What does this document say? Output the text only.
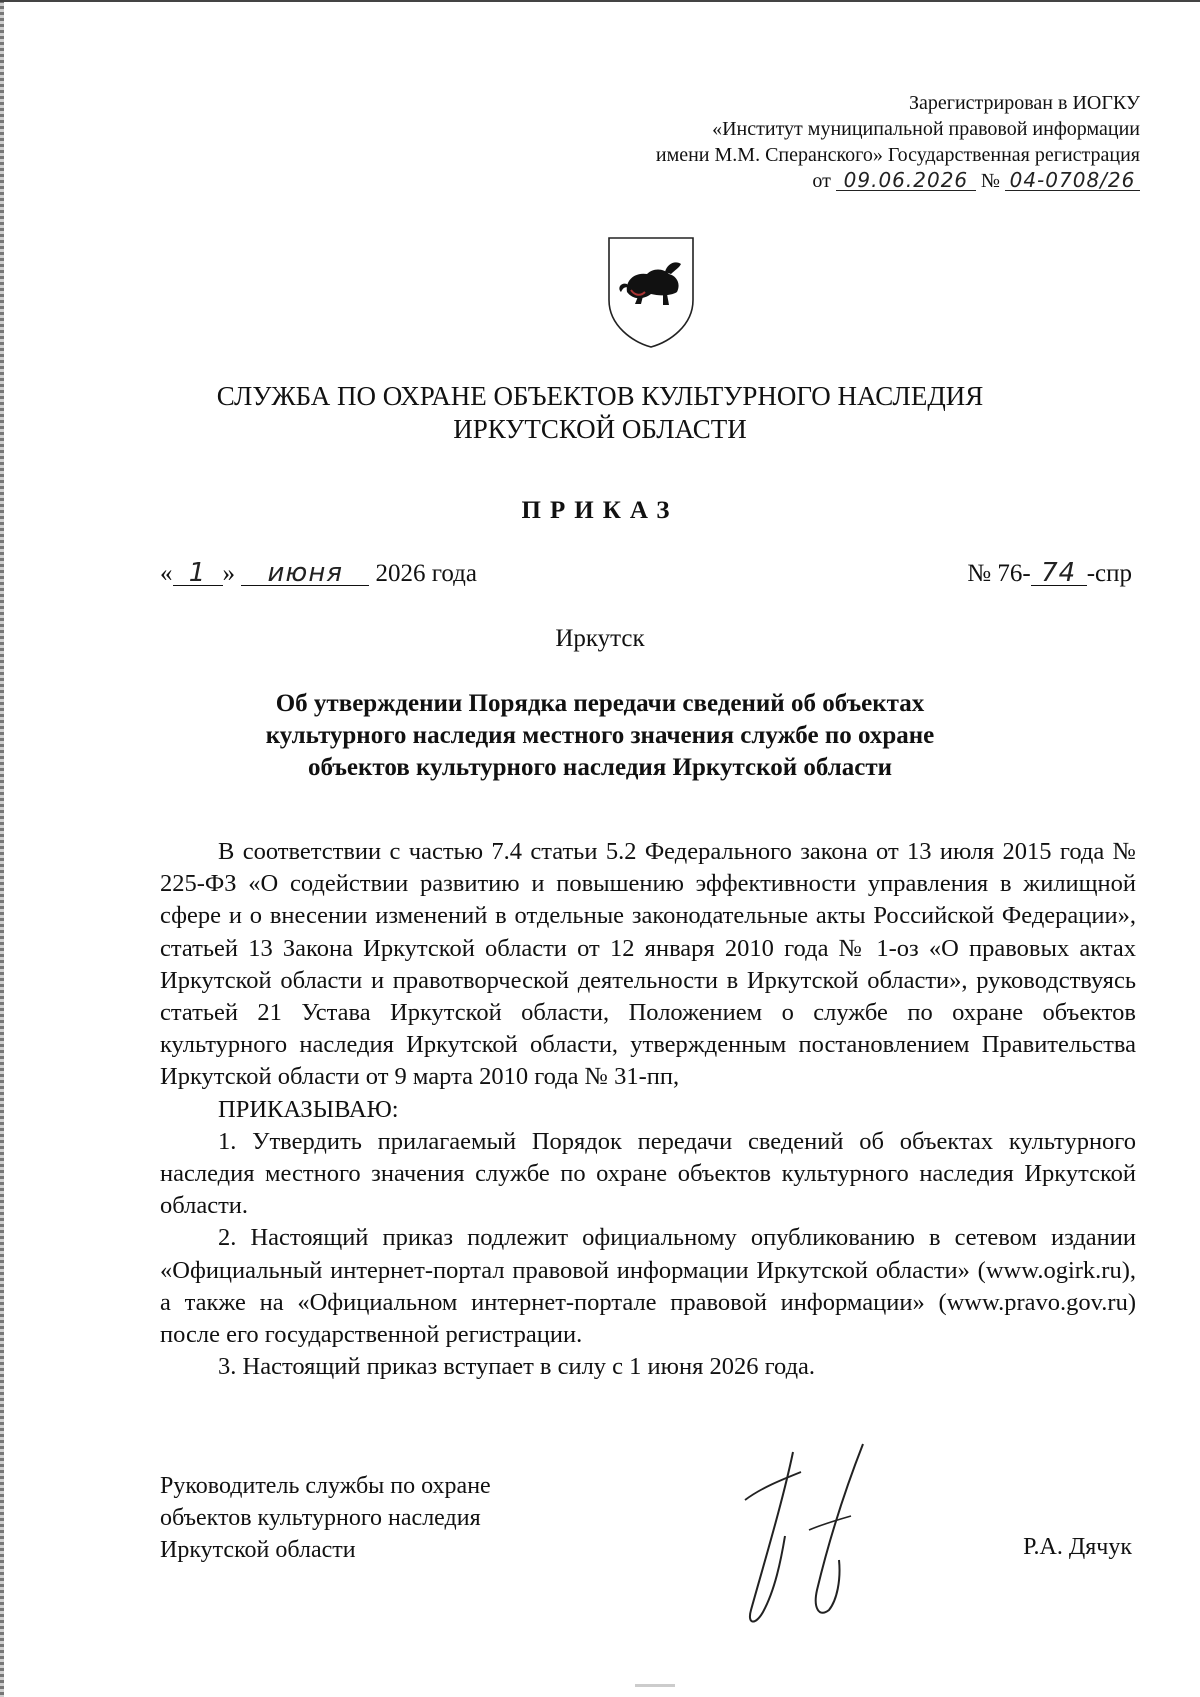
Зарегистрирован в ИОГКУ
«Институт муниципальной правовой информации
имени М.М. Сперанского» Государственная регистрация
от 09.06.2026 № 04-0708/26
СЛУЖБА ПО ОХРАНЕ ОБЪЕКТОВ КУЛЬТУРНОГО НАСЛЕДИЯ
ИРКУТСКОЙ ОБЛАСТИ
ПРИКАЗ
« 1 » июня 2026 года	№ 76- 74 -спр
Иркутск
Об утверждении Порядка передачи сведений об объектах
культурного наследия местного значения службе по охране
объектов культурного наследия Иркутской области

В соответствии с частью 7.4 статьи 5.2 Федерального закона от 13 июля 2015 года № 225-ФЗ «О содействии развитию и повышению эффективности управления в жилищной сфере и о внесении изменений в отдельные законодательные акты Российской Федерации», статьей 13 Закона Иркутской области от 12 января 2010 года № 1-оз «О правовых актах Иркутской области и правотворческой деятельности в Иркутской области», руководствуясь статьей 21 Устава Иркутской области, Положением о службе по охране объектов культурного наследия Иркутской области, утвержденным постановлением Правительства Иркутской области от 9 марта 2010 года № 31-пп,

ПРИКАЗЫВАЮ:

1. Утвердить прилагаемый Порядок передачи сведений об объектах культурного наследия местного значения службе по охране объектов культурного наследия Иркутской области.

2. Настоящий приказ подлежит официальному опубликованию в сетевом издании «Официальный интернет-портал правовой информации Иркутской области» (www.ogirk.ru), а также на «Официальном интернет-портале правовой информации» (www.pravo.gov.ru) после его государственной регистрации.

3. Настоящий приказ вступает в силу с 1 июня 2026 года.

Руководитель службы по охране
объектов культурного наследия
Иркутской области	Р.А. Дячук
